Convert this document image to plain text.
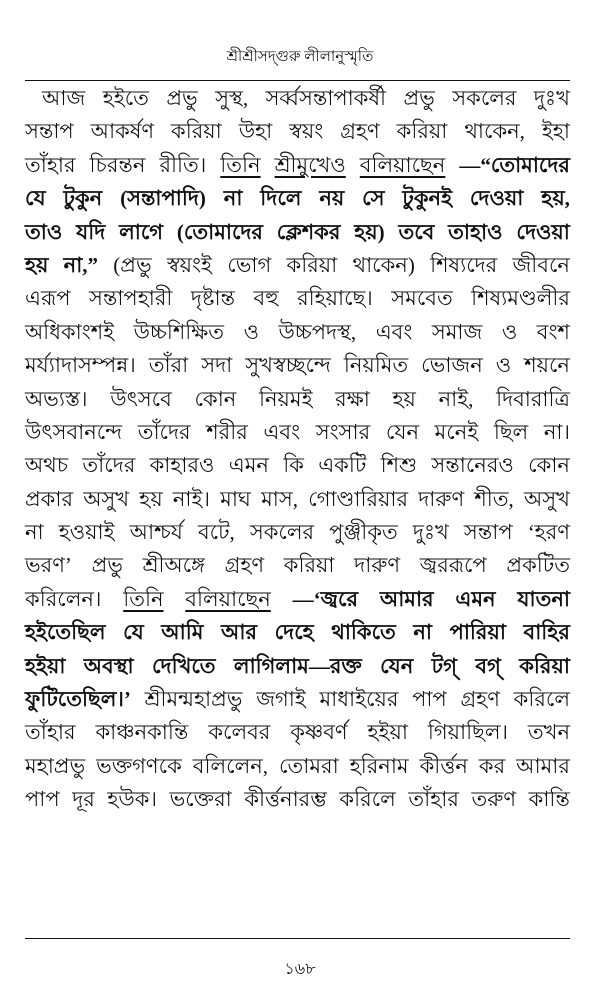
শ্রীশ্রীসদ্গুরু লীলানুস্মৃতি
আজ হইতে প্রভু সুস্থ, সর্ব্বসন্তাপাকর্ষী প্রভু সকলের দুঃখ
সন্তাপ আকর্ষণ করিয়া উহা স্বয়ং গ্রহণ করিয়া থাকেন, ইহা
তাঁহার চিরন্তন রীতি। তিনি শ্রীমুখেও বলিয়াছেন —“তোমাদের
যে টুকুন (সন্তাপাদি) না দিলে নয় সে টুকুনই দেওয়া হয়,
তাও যদি লাগে (তোমাদের ক্লেশকর হয়) তবে তাহাও দেওয়া
হয় না,” (প্রভু স্বয়ংই ভোগ করিয়া থাকেন) শিষ্যদের জীবনে
এরূপ সন্তাপহারী দৃষ্টান্ত বহু রহিয়াছে। সমবেত শিষ্যমণ্ডলীর
অধিকাংশই উচ্চশিক্ষিত ও উচ্চপদস্থ, এবং সমাজ ও বংশ
মর্য্যাদাসম্পন্ন। তাঁরা সদা সুখস্বচ্ছন্দে নিয়মিত ভোজন ও শয়নে
অভ্যস্ত। উৎসবে কোন নিয়মই রক্ষা হয় নাই, দিবারাত্রি
উৎসবানন্দে তাঁদের শরীর এবং সংসার যেন মনেই ছিল না।
অথচ তাঁদের কাহারও এমন কি একটি শিশু সন্তানেরও কোন
প্রকার অসুখ হয় নাই। মাঘ মাস, গোণ্ডারিয়ার দারুণ শীত, অসুখ
না হওয়াই আশ্চর্য বটে, সকলের পুঞ্জীকৃত দুঃখ সন্তাপ ‘হরণ
ভরণ’ প্রভু শ্রীঅঙ্গে গ্রহণ করিয়া দারুণ জ্বররূপে প্রকটিত
করিলেন। তিনি বলিয়াছেন —‘জ্বরে আমার এমন যাতনা
হইতেছিল যে আমি আর দেহে থাকিতে না পারিয়া বাহির
হইয়া অবস্থা দেখিতে লাগিলাম—রক্ত যেন টগ্ বগ্ করিয়া
ফুটিতেছিল।’ শ্রীমন্মহাপ্রভু জগাই মাধাইয়ের পাপ গ্রহণ করিলে
তাঁহার কাঞ্চনকান্তি কলেবর কৃষ্ণবর্ণ হইয়া গিয়াছিল। তখন
মহাপ্রভু ভক্তগণকে বলিলেন, তোমরা হরিনাম কীর্ত্তন কর আমার
পাপ দূর হউক। ভক্তেরা কীর্ত্তনারম্ভ করিলে তাঁহার তরুণ কান্তি
১৬৮
